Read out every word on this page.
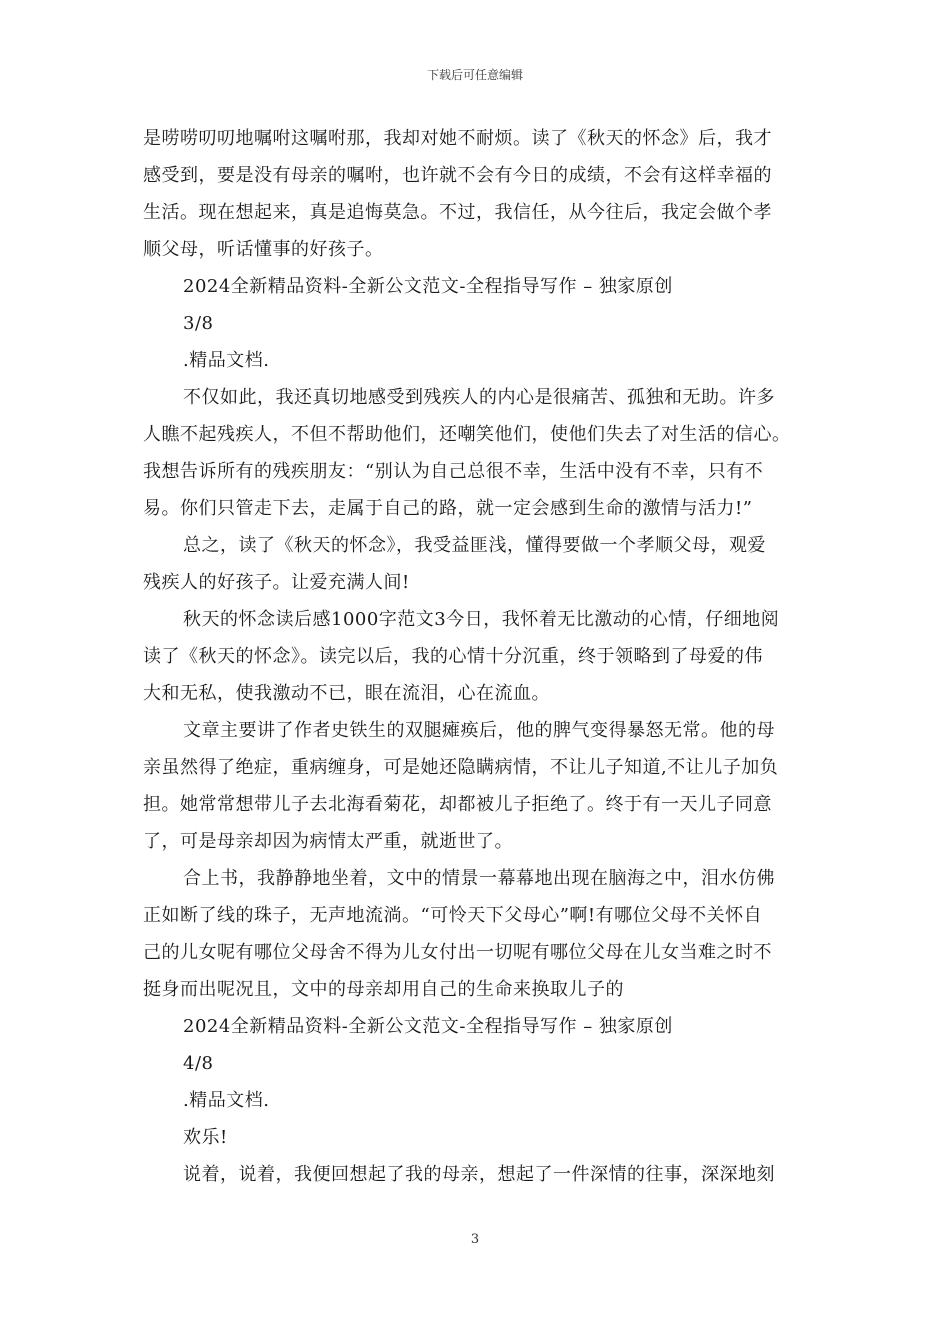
下载后可任意编辑
是唠唠叨叨地嘱咐这嘱咐那，我却对她不耐烦。读了《秋天的怀念》后，我才
感受到，要是没有母亲的嘱咐，也许就不会有今日的成绩，不会有这样幸福的
生活。现在想起来，真是追悔莫急。不过，我信任，从今往后，我定会做个孝
顺父母，听话懂事的好孩子。
2024全新精品资料-全新公文范文-全程指导写作 – 独家原创
3/8
.精品文档.
不仅如此，我还真切地感受到残疾人的内心是很痛苦、孤独和无助。许多
人瞧不起残疾人，不但不帮助他们，还嘲笑他们，使他们失去了对生活的信心。
我想告诉所有的残疾朋友：“别认为自己总很不幸，生活中没有不幸，只有不
易。你们只管走下去，走属于自己的路，就一定会感到生命的激情与活力!”
总之，读了《秋天的怀念》，我受益匪浅，懂得要做一个孝顺父母，观爱
残疾人的好孩子。让爱充满人间!
秋天的怀念读后感1000字范文3今日，我怀着无比激动的心情，仔细地阅
读了《秋天的怀念》。读完以后，我的心情十分沉重，终于领略到了母爱的伟
大和无私，使我激动不已，眼在流泪，心在流血。
文章主要讲了作者史铁生的双腿瘫痪后，他的脾气变得暴怒无常。他的母
亲虽然得了绝症，重病缠身，可是她还隐瞒病情，不让儿子知道,不让儿子加负
担。她常常想带儿子去北海看菊花，却都被儿子拒绝了。终于有一天儿子同意
了，可是母亲却因为病情太严重，就逝世了。
合上书，我静静地坐着，文中的情景一幕幕地出现在脑海之中，泪水仿佛
正如断了线的珠子，无声地流淌。“可怜天下父母心”啊!有哪位父母不关怀自
己的儿女呢有哪位父母舍不得为儿女付出一切呢有哪位父母在儿女当难之时不
挺身而出呢况且，文中的母亲却用自己的生命来换取儿子的
2024全新精品资料-全新公文范文-全程指导写作 – 独家原创
4/8
.精品文档.
欢乐!
说着，说着，我便回想起了我的母亲，想起了一件深情的往事，深深地刻
3
